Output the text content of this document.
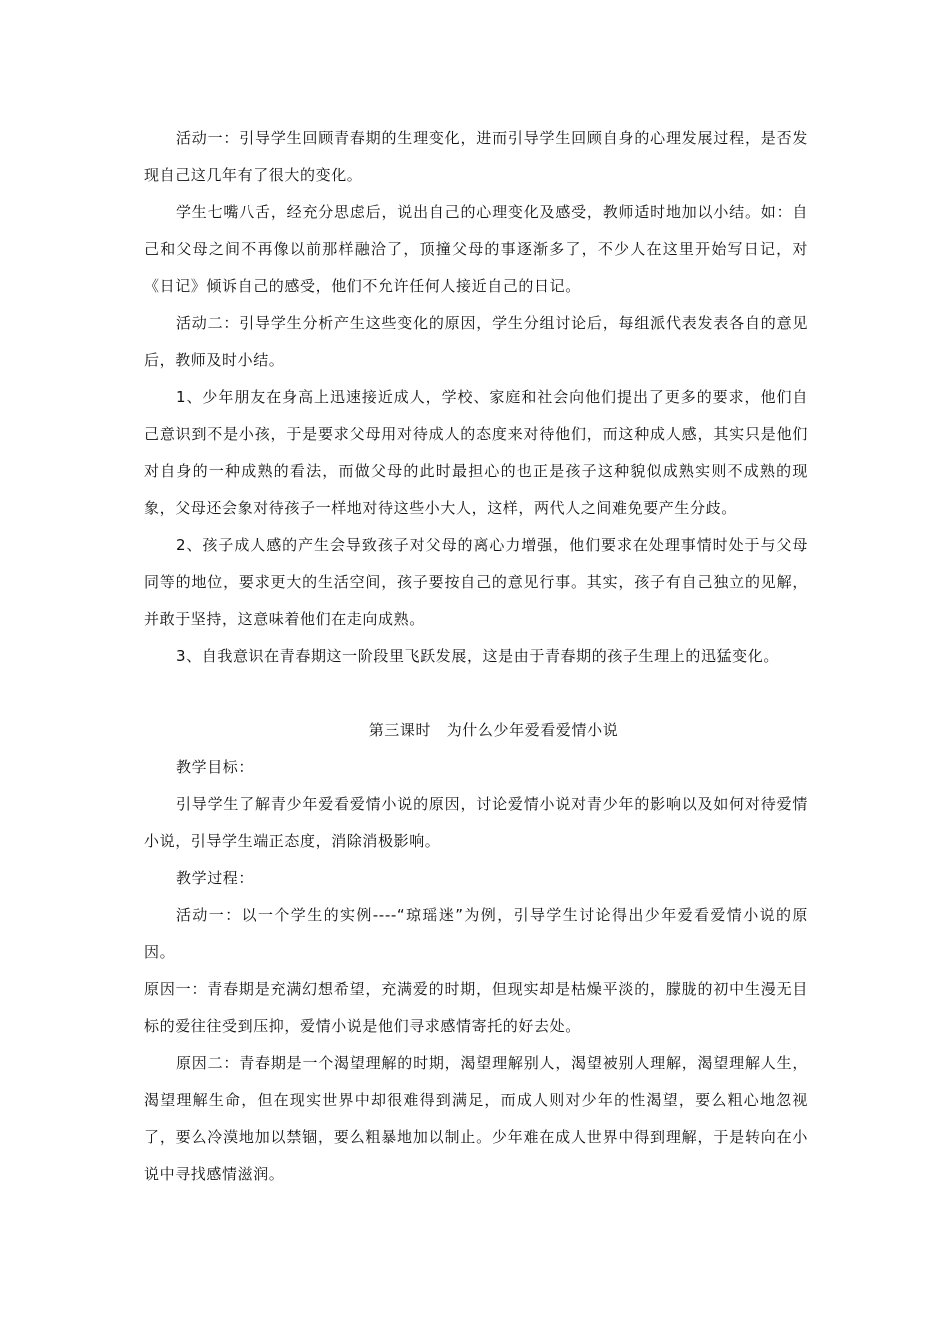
活动一：引导学生回顾青春期的生理变化，进而引导学生回顾自身的心理发展过程，是否发现自己这几年有了很大的变化。

学生七嘴八舌，经充分思虑后，说出自己的心理变化及感受，教师适时地加以小结。如：自己和父母之间不再像以前那样融洽了，顶撞父母的事逐渐多了，不少人在这里开始写日记，对《日记》倾诉自己的感受，他们不允许任何人接近自己的日记。

活动二：引导学生分析产生这些变化的原因，学生分组讨论后，每组派代表发表各自的意见后，教师及时小结。

1、少年朋友在身高上迅速接近成人，学校、家庭和社会向他们提出了更多的要求，他们自己意识到不是小孩，于是要求父母用对待成人的态度来对待他们，而这种成人感，其实只是他们对自身的一种成熟的看法，而做父母的此时最担心的也正是孩子这种貌似成熟实则不成熟的现象，父母还会象对待孩子一样地对待这些小大人，这样，两代人之间难免要产生分歧。

2、孩子成人感的产生会导致孩子对父母的离心力增强，他们要求在处理事情时处于与父母同等的地位，要求更大的生活空间，孩子要按自己的意见行事。其实，孩子有自己独立的见解，并敢于坚持，这意味着他们在走向成熟。

3、自我意识在青春期这一阶段里飞跃发展，这是由于青春期的孩子生理上的迅猛变化。

第三课时　为什么少年爱看爱情小说

教学目标：

引导学生了解青少年爱看爱情小说的原因，讨论爱情小说对青少年的影响以及如何对待爱情小说，引导学生端正态度，消除消极影响。

教学过程：

活动一：以一个学生的实例----“琼瑶迷”为例，引导学生讨论得出少年爱看爱情小说的原因。

原因一：青春期是充满幻想希望，充满爱的时期，但现实却是枯燥平淡的，朦胧的初中生漫无目标的爱往往受到压抑，爱情小说是他们寻求感情寄托的好去处。

原因二：青春期是一个渴望理解的时期，渴望理解别人，渴望被别人理解，渴望理解人生，渴望理解生命，但在现实世界中却很难得到满足，而成人则对少年的性渴望，要么粗心地忽视了，要么冷漠地加以禁锢，要么粗暴地加以制止。少年难在成人世界中得到理解，于是转向在小说中寻找感情滋润。
